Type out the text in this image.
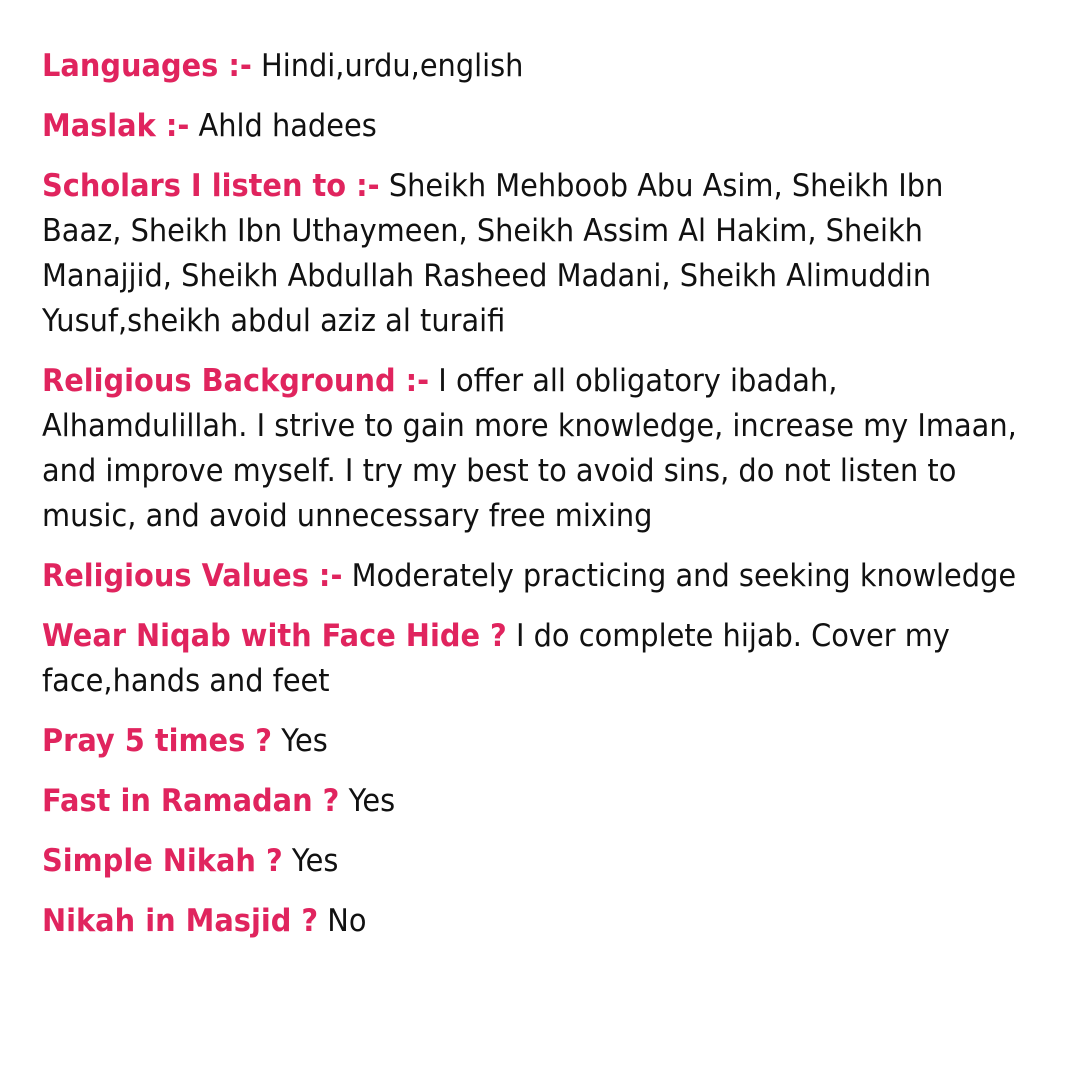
Languages :- Hindi,urdu,english

Maslak :- Ahld hadees

Scholars I listen to :- Sheikh Mehboob Abu Asim, Sheikh Ibn Baaz, Sheikh Ibn Uthaymeen, Sheikh Assim Al Hakim, Sheikh Manajjid, Sheikh Abdullah Rasheed Madani, Sheikh Alimuddin Yusuf,sheikh abdul aziz al turaifi

Religious Background :- I offer all obligatory ibadah, Alhamdulillah. I strive to gain more knowledge, increase my Imaan, and improve myself. I try my best to avoid sins, do not listen to music, and avoid unnecessary free mixing

Religious Values :- Moderately practicing and seeking knowledge

Wear Niqab with Face Hide ? I do complete hijab. Cover my face,hands and feet

Pray 5 times ? Yes

Fast in Ramadan ? Yes

Simple Nikah ? Yes

Nikah in Masjid ? No
